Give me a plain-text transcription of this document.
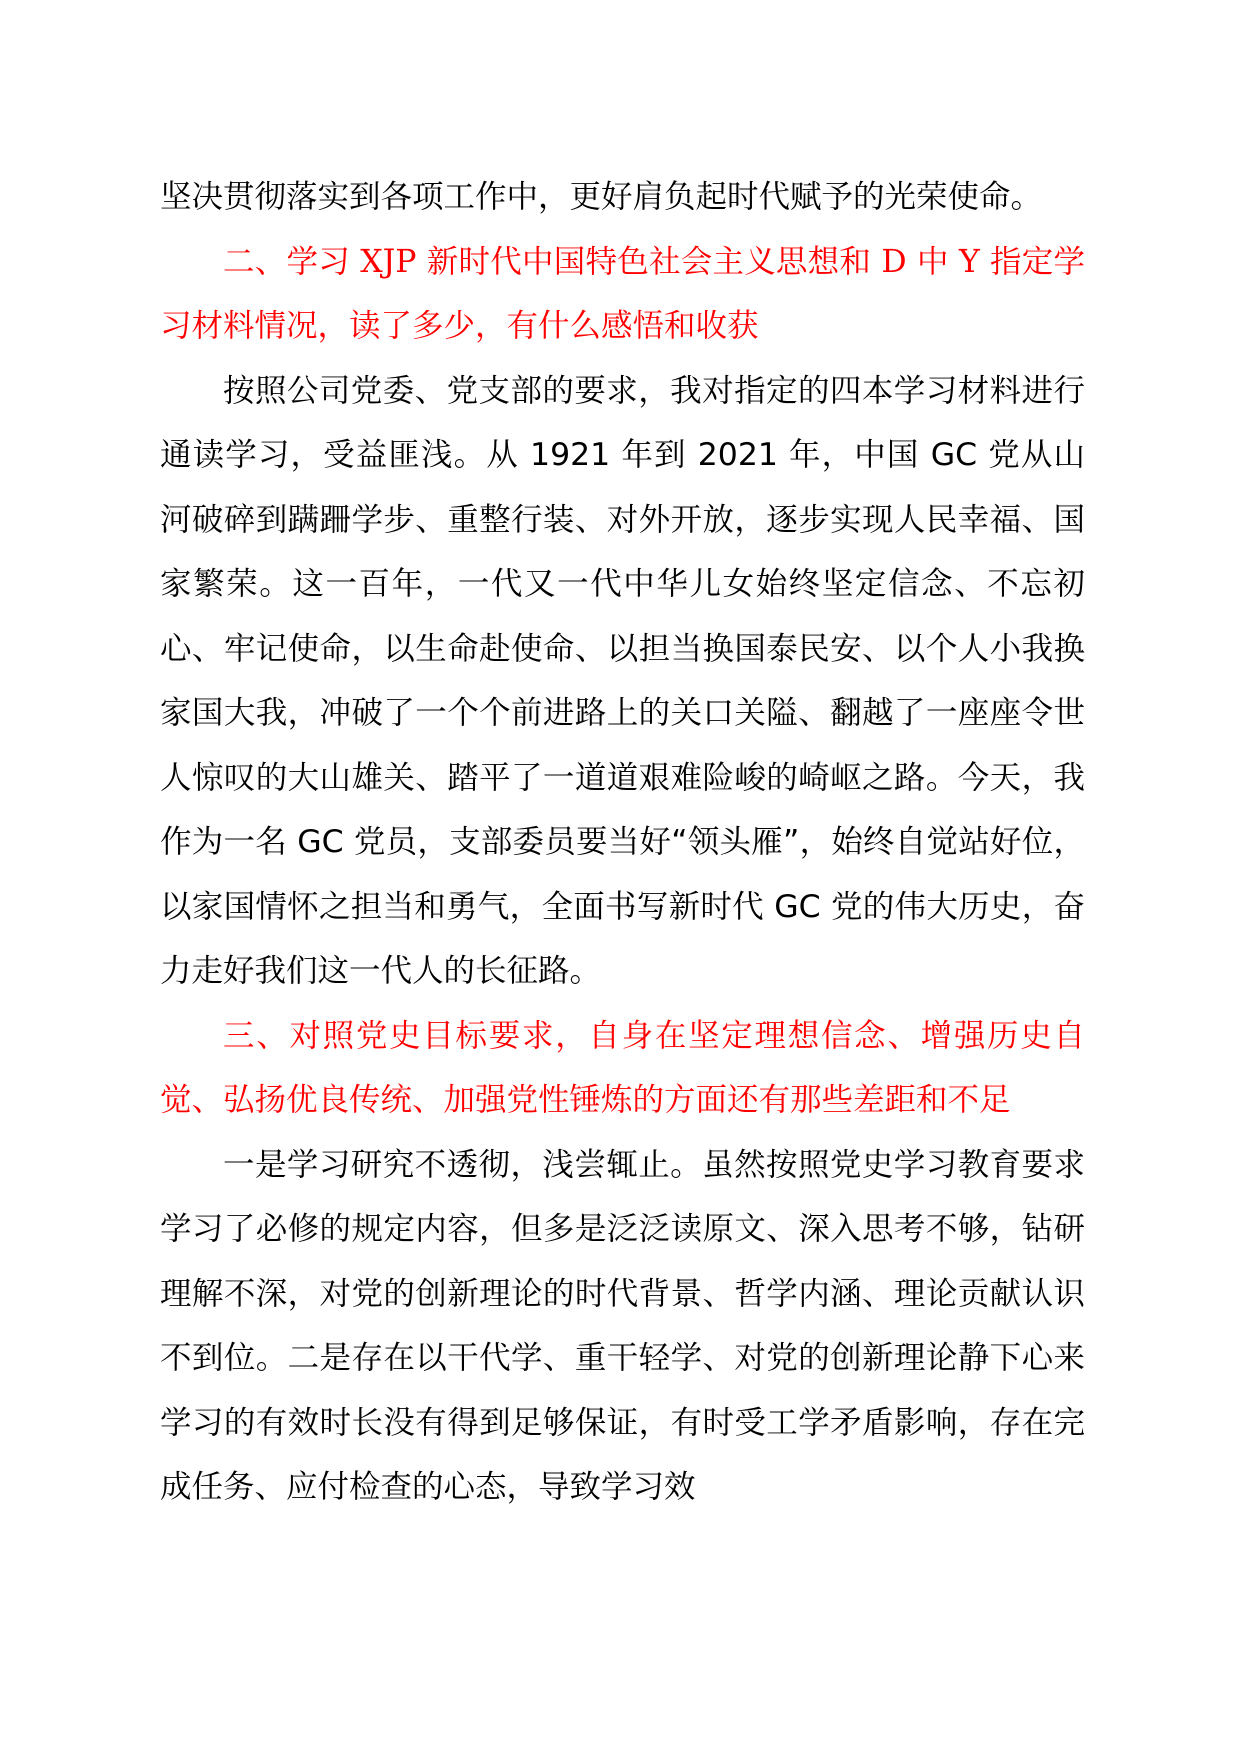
坚决贯彻落实到各项工作中，更好肩负起时代赋予的光荣使命。

二、学习 XJP 新时代中国特色社会主义思想和 D 中 Y 指定学习材料情况，读了多少，有什么感悟和收获

按照公司党委、党支部的要求，我对指定的四本学习材料进行通读学习，受益匪浅。从 1921 年到 2021 年，中国 GC 党从山河破碎到蹒跚学步、重整行装、对外开放，逐步实现人民幸福、国家繁荣。这一百年，一代又一代中华儿女始终坚定信念、不忘初心、牢记使命，以生命赴使命、以担当换国泰民安、以个人小我换家国大我，冲破了一个个前进路上的关口关隘、翻越了一座座令世人惊叹的大山雄关、踏平了一道道艰难险峻的崎岖之路。今天，我作为一名 GC 党员，支部委员要当好“领头雁”，始终自觉站好位，以家国情怀之担当和勇气，全面书写新时代 GC 党的伟大历史，奋力走好我们这一代人的长征路。

三、对照党史目标要求，自身在坚定理想信念、增强历史自觉、弘扬优良传统、加强党性锤炼的方面还有那些差距和不足

一是学习研究不透彻，浅尝辄止。虽然按照党史学习教育要求学习了必修的规定内容，但多是泛泛读原文、深入思考不够，钻研理解不深，对党的创新理论的时代背景、哲学内涵、理论贡献认识不到位。二是存在以干代学、重干轻学、对党的创新理论静下心来学习的有效时长没有得到足够保证，有时受工学矛盾影响，存在完成任务、应付检查的心态，导致学习效
